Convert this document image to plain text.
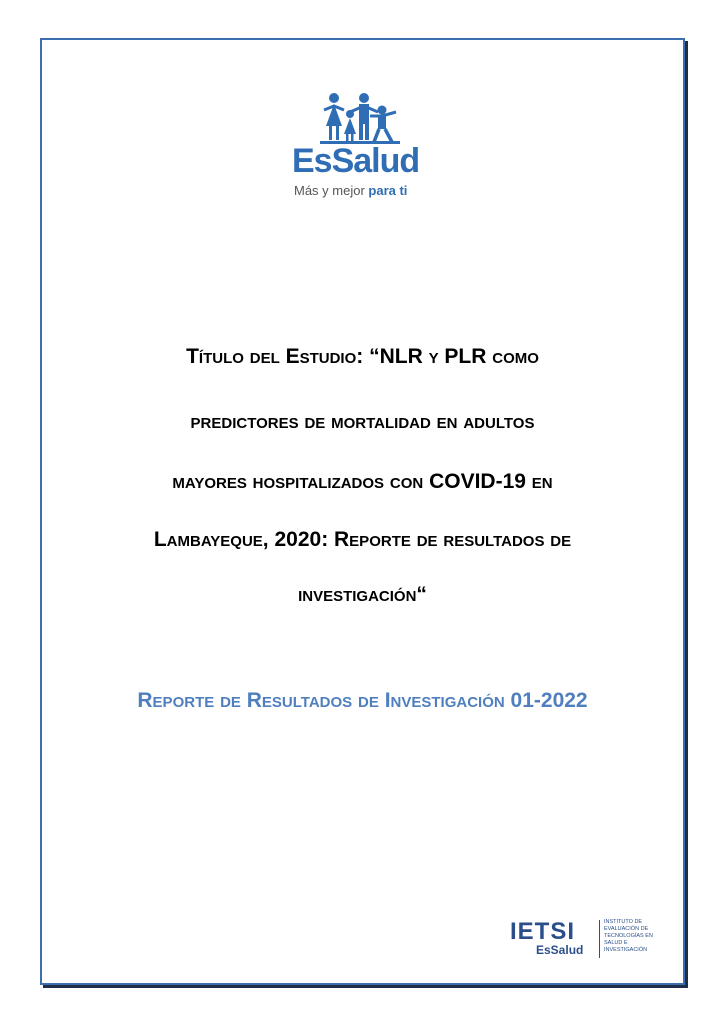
EsSalud
Más y mejor para ti
Título del Estudio: “NLR y PLR como
predictores de mortalidad en adultos
mayores hospitalizados con COVID-19 en
Lambayeque, 2020: Reporte de resultados de
investigación“
Reporte de Resultados de Investigación 01-2022
IETSI
EsSalud
INSTITUTO DE
EVALUACIÓN DE
TECNOLOGÍAS EN
SALUD E
INVESTIGACIÓN
